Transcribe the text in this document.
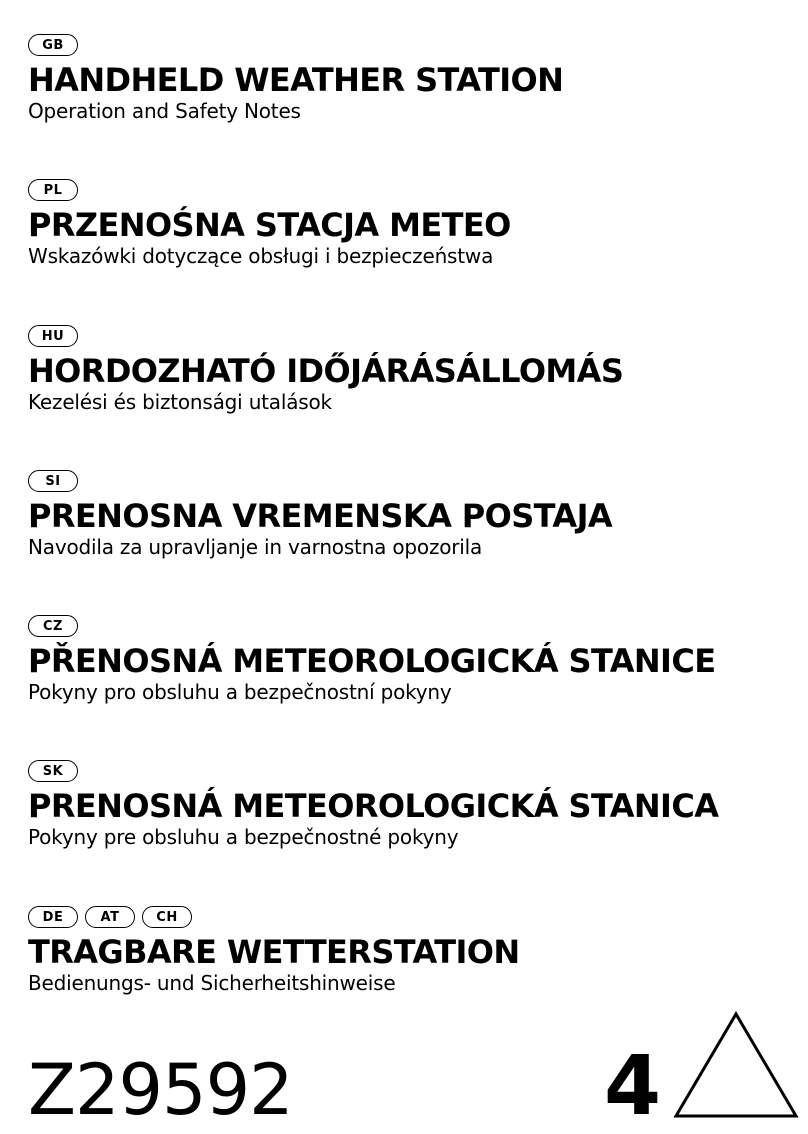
GB
HANDHELD WEATHER STATION
Operation and Safety Notes
PL
PRZENOŚNA STACJA METEO
Wskazówki dotyczące obsługi i bezpieczeństwa
HU
HORDOZHATÓ IDŐJÁRÁSÁLLOMÁS
Kezelési és biztonsági utalások
SI
PRENOSNA VREMENSKA POSTAJA
Navodila za upravljanje in varnostna opozorila
CZ
PŘENOSNÁ METEOROLOGICKÁ STANICE
Pokyny pro obsluhu a bezpečnostní pokyny
SK
PRENOSNÁ METEOROLOGICKÁ STANICA
Pokyny pre obsluhu a bezpečnostné pokyny
DE	AT	CH
TRAGBARE WETTERSTATION
Bedienungs- und Sicherheitshinweise
Z29592	4
